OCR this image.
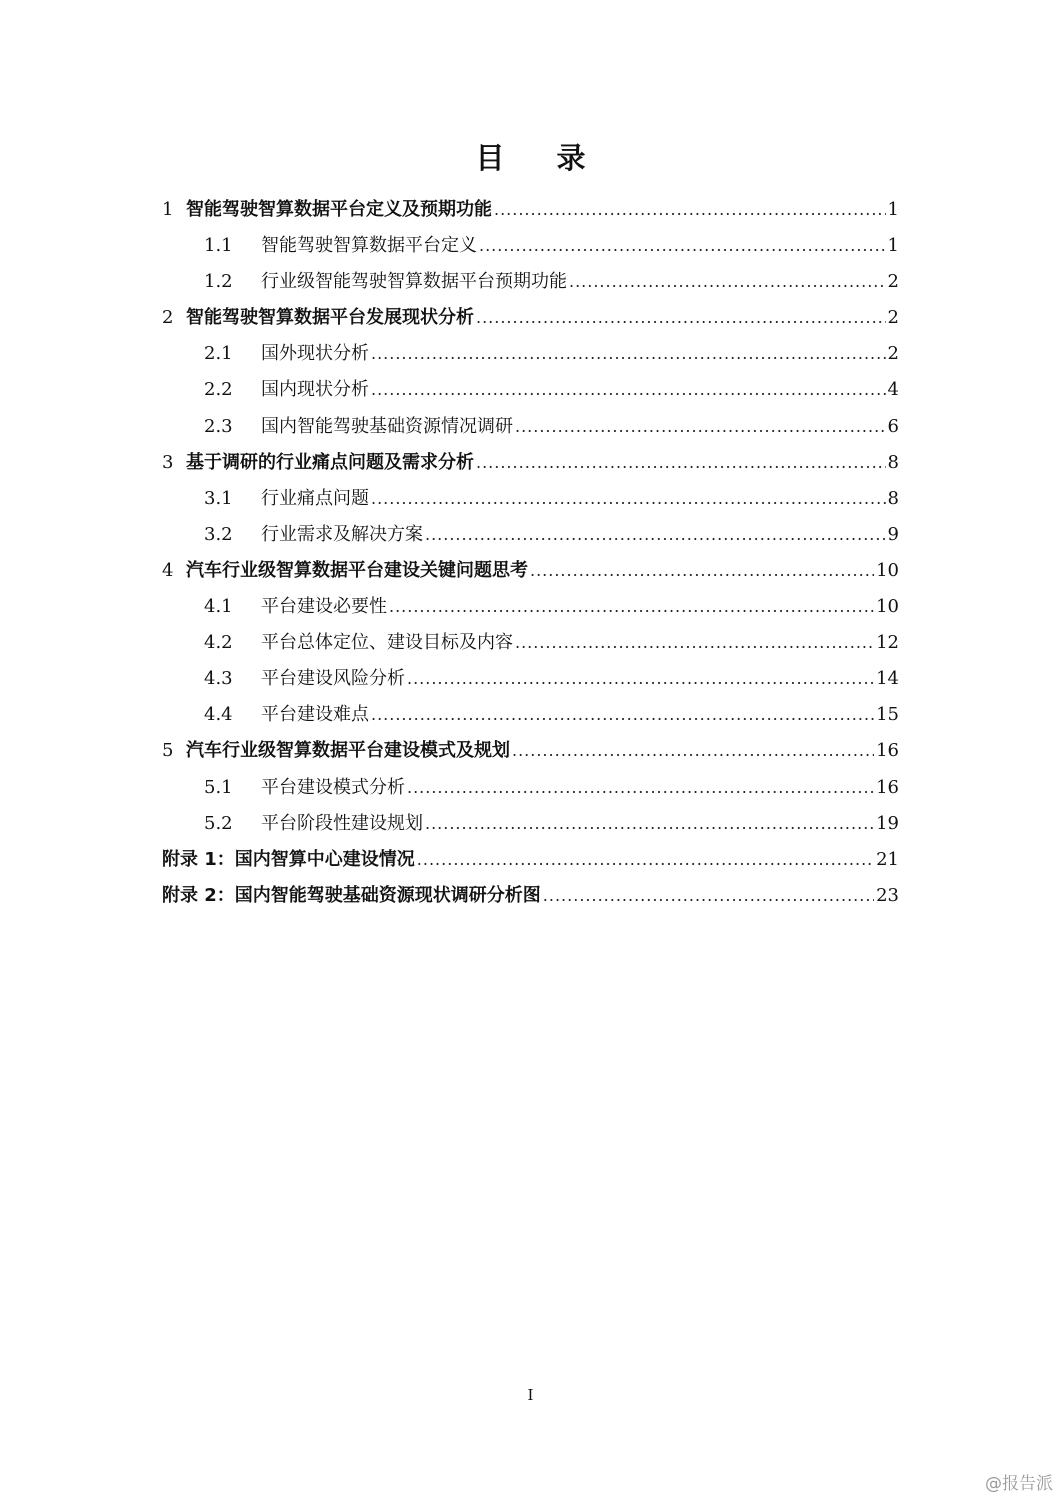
目 录
1 智能驾驶智算数据平台定义及预期功能 .....	1
1.1	智能驾驶智算数据平台定义 .....	1
1.2	行业级智能驾驶智算数据平台预期功能 .....	2
2 智能驾驶智算数据平台发展现状分析 .....	2
2.1	国外现状分析 .....	2
2.2	国内现状分析 .....	4
2.3	国内智能驾驶基础资源情况调研 .....	6
3 基于调研的行业痛点问题及需求分析 .....	8
3.1	行业痛点问题 .....	8
3.2	行业需求及解决方案 .....	9
4 汽车行业级智算数据平台建设关键问题思考 .....	10
4.1	平台建设必要性 .....	10
4.2	平台总体定位、建设目标及内容 .....	12
4.3	平台建设风险分析 .....	14
4.4	平台建设难点 .....	15
5 汽车行业级智算数据平台建设模式及规划 .....	16
5.1	平台建设模式分析 .....	16
5.2	平台阶段性建设规划 .....	19
附录 1：国内智算中心建设情况 .....	21
附录 2：国内智能驾驶基础资源现状调研分析图 .....	23
I
@报告派
